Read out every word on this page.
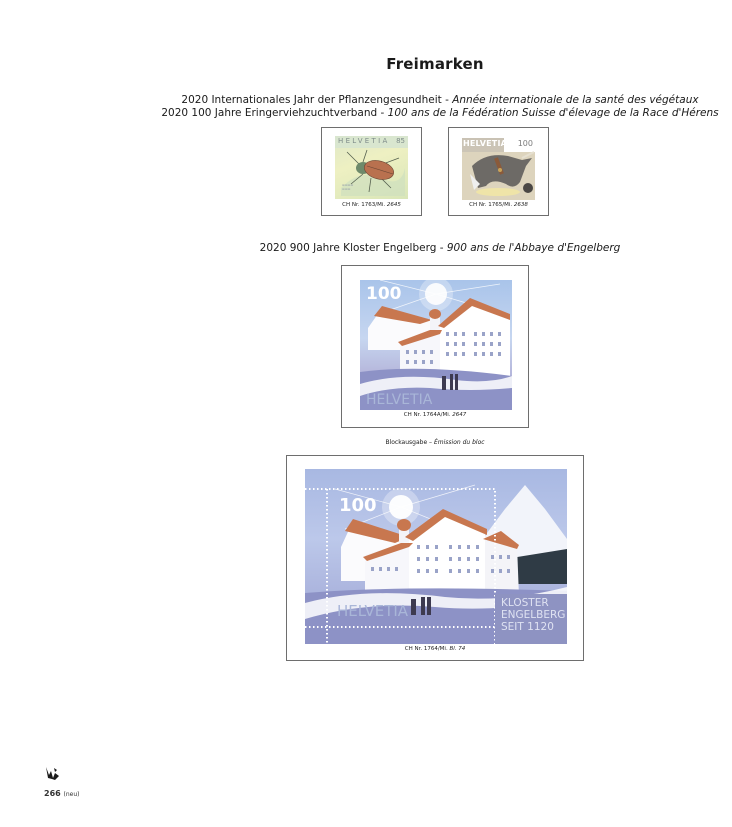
Freimarken
2020 Internationales Jahr der Pflanzengesundheit - Année internationale de la santé des végétaux
2020 100 Jahre Eringerviehzuchtverband - 100 ans de la Fédération Suisse d'élevage de la Race d'Hérens
HELVETIA 85
▬▬▬▬
▬▬▬
CH Nr. 1763/Mi. 2645
HELVETIA 100
CH Nr. 1765/Mi. 2638
2020 900 Jahre Kloster Engelberg - 900 ans de l'Abbaye d'Engelberg
100
HELVETIA
CH Nr. 1764A/Mi. 2647
Blockausgabe – Émission du bloc
100
HELVETIA	KLOSTER
ENGELBERG
SEIT 1120
CH Nr. 1764/Mi. Bl. 74
266 (neu)
